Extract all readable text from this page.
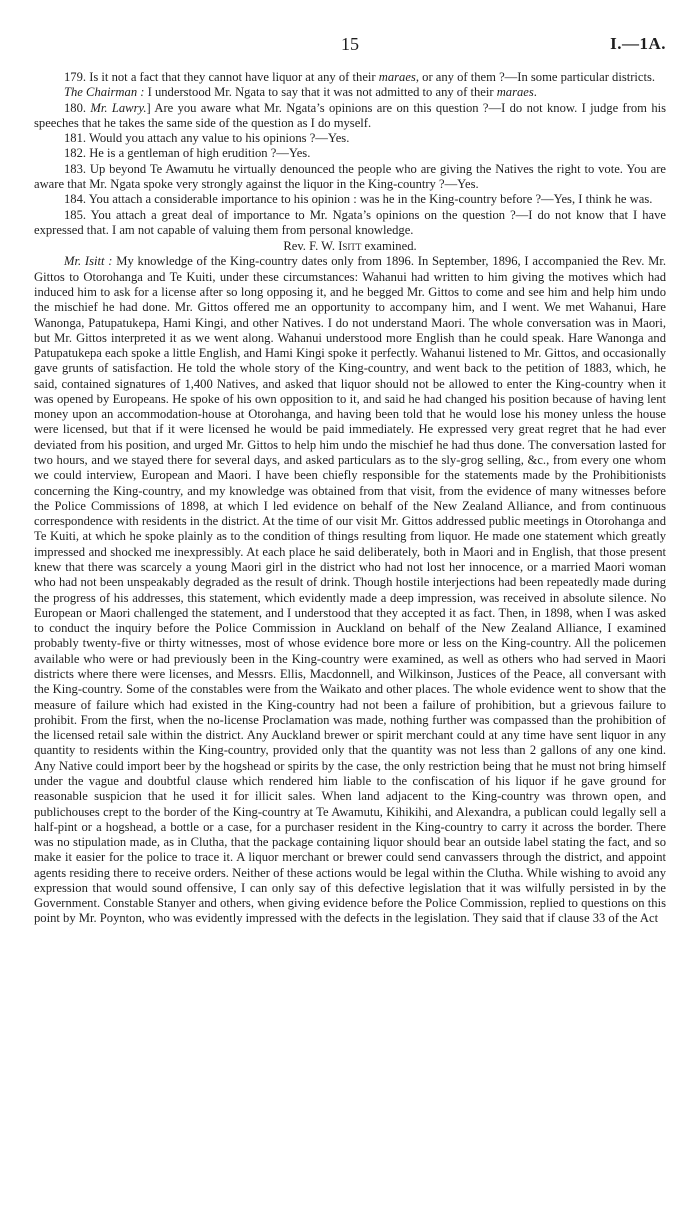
15	I.—1A.

179. Is it not a fact that they cannot have liquor at any of their maraes, or any of them ?—In some particular districts.

The Chairman : I understood Mr. Ngata to say that it was not admitted to any of their maraes.

180. Mr. Lawry.] Are you aware what Mr. Ngata’s opinions are on this question ?—I do not know. I judge from his speeches that he takes the same side of the question as I do myself.

181. Would you attach any value to his opinions ?—Yes.

182. He is a gentleman of high erudition ?—Yes.

183. Up beyond Te Awamutu he virtually denounced the people who are giving the Natives the right to vote. You are aware that Mr. Ngata spoke very strongly against the liquor in the King-country ?—Yes.

184. You attach a considerable importance to his opinion : was he in the King-country before ?—Yes, I think he was.

185. You attach a great deal of importance to Mr. Ngata’s opinions on the question ?—I do not know that I have expressed that. I am not capable of valuing them from personal knowledge.

Rev. F. W. Isitt examined.

Mr. Isitt : My knowledge of the King-country dates only from 1896. In September, 1896, I accompanied the Rev. Mr. Gittos to Otorohanga and Te Kuiti, under these circumstances: Wahanui had written to him giving the motives which had induced him to ask for a license after so long opposing it, and he begged Mr. Gittos to come and see him and help him undo the mischief he had done. Mr. Gittos offered me an opportunity to accompany him, and I went. We met Wahanui, Hare Wanonga, Patupatukepa, Hami Kingi, and other Natives. I do not understand Maori. The whole conversation was in Maori, but Mr. Gittos interpreted it as we went along. Wahanui understood more English than he could speak. Hare Wanonga and Patupatukepa each spoke a little English, and Hami Kingi spoke it perfectly. Wahanui listened to Mr. Gittos, and occasionally gave grunts of satisfaction. He told the whole story of the King-country, and went back to the petition of 1883, which, he said, contained signatures of 1,400 Natives, and asked that liquor should not be allowed to enter the King-country when it was opened by Europeans. He spoke of his own opposition to it, and said he had changed his position because of having lent money upon an accommodation-house at Otorohanga, and having been told that he would lose his money unless the house were licensed, but that if it were licensed he would be paid immediately. He expressed very great regret that he had ever deviated from his position, and urged Mr. Gittos to help him undo the mischief he had thus done. The conversation lasted for two hours, and we stayed there for several days, and asked particulars as to the sly-grog selling, &c., from every one whom we could interview, European and Maori. I have been chiefly responsible for the statements made by the Prohibitionists concerning the King-country, and my knowledge was obtained from that visit, from the evidence of many witnesses before the Police Commissions of 1898, at which I led evidence on behalf of the New Zealand Alliance, and from continuous correspondence with residents in the district. At the time of our visit Mr. Gittos addressed public meetings in Otorohanga and Te Kuiti, at which he spoke plainly as to the condition of things resulting from liquor. He made one statement which greatly impressed and shocked me inexpressibly. At each place he said deliberately, both in Maori and in English, that those present knew that there was scarcely a young Maori girl in the district who had not lost her innocence, or a married Maori woman who had not been unspeakably degraded as the result of drink. Though hostile interjections had been repeatedly made during the progress of his addresses, this statement, which evidently made a deep impression, was received in absolute silence. No European or Maori challenged the statement, and I understood that they accepted it as fact. Then, in 1898, when I was asked to conduct the inquiry before the Police Commission in Auckland on behalf of the New Zealand Alliance, I examined probably twenty-five or thirty witnesses, most of whose evidence bore more or less on the King-country. All the policemen available who were or had previously been in the King-country were examined, as well as others who had served in Maori districts where there were licenses, and Messrs. Ellis, Macdonnell, and Wilkinson, Justices of the Peace, all conversant with the King-country. Some of the constables were from the Waikato and other places. The whole evidence went to show that the measure of failure which had existed in the King-country had not been a failure of prohibition, but a grievous failure to prohibit. From the first, when the no-license Proclamation was made, nothing further was compassed than the prohibition of the licensed retail sale within the district. Any Auckland brewer or spirit merchant could at any time have sent liquor in any quantity to residents within the King-country, provided only that the quantity was not less than 2 gallons of any one kind. Any Native could import beer by the hogshead or spirits by the case, the only restriction being that he must not bring himself under the vague and doubtful clause which rendered him liable to the confiscation of his liquor if he gave ground for reasonable suspicion that he used it for illicit sales. When land adjacent to the King-country was thrown open, and publichouses crept to the border of the King-country at Te Awamutu, Kihikihi, and Alexandra, a publican could legally sell a half-pint or a hogshead, a bottle or a case, for a purchaser resident in the King-country to carry it across the border. There was no stipulation made, as in Clutha, that the package containing liquor should bear an outside label stating the fact, and so make it easier for the police to trace it. A liquor merchant or brewer could send canvassers through the district, and appoint agents residing there to receive orders. Neither of these actions would be legal within the Clutha. While wishing to avoid any expression that would sound offensive, I can only say of this defective legislation that it was wilfully persisted in by the Government. Constable Stanyer and others, when giving evidence before the Police Commission, replied to questions on this point by Mr. Poynton, who was evidently impressed with the defects in the legislation. They said that if clause 33 of the Act
